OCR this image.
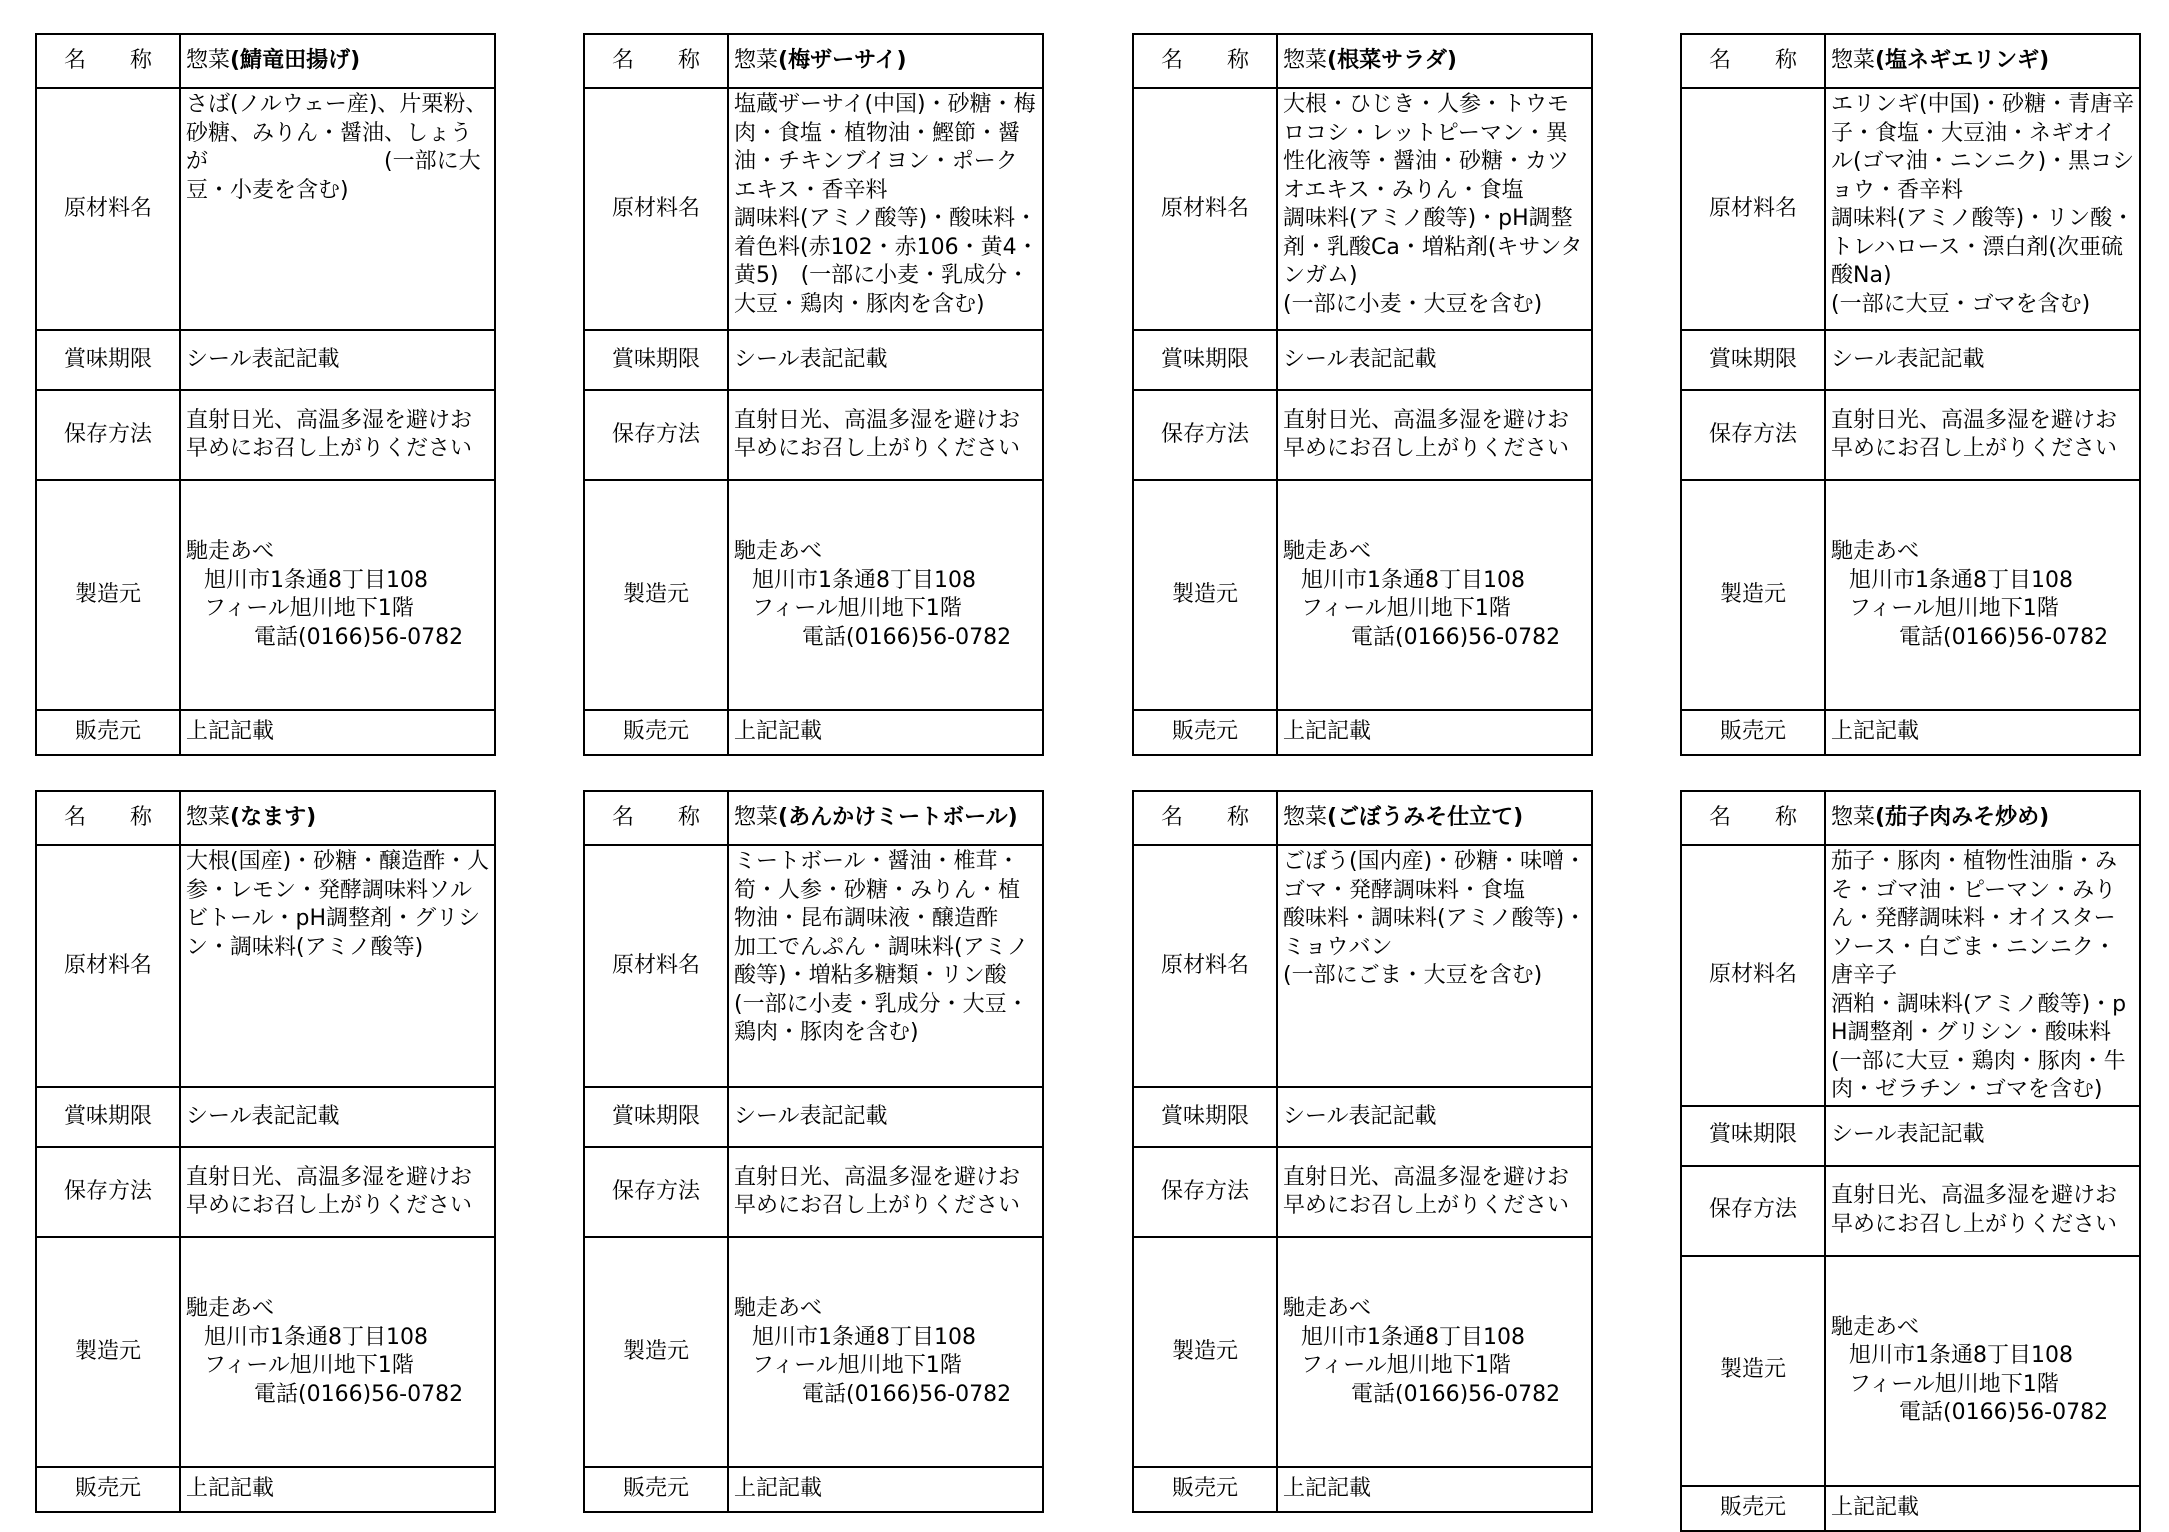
名　　称	惣菜(鯖竜田揚げ)
原材料名	さば(ノルウェー産)、片栗粉、砂糖、みりん・醤油、しょうが　　　　　　　　(一部に大豆・小麦を含む)
賞味期限	シール表記記載
保存方法	直射日光、高温多湿を避けお早めにお召し上がりください
製造元	馳走あべ
旭川市1条通8丁目108
フィール旭川地下1階
電話(0166)56-0782

販売元	上記記載
名　　称	惣菜(梅ザーサイ)
原材料名	塩蔵ザーサイ(中国)・砂糖・梅肉・食塩・植物油・鰹節・醤油・チキンブイヨン・ポークエキス・香辛料
調味料(アミノ酸等)・酸味料・着色料(赤102・赤106・黄4・黄5)　(一部に小麦・乳成分・大豆・鶏肉・豚肉を含む)
賞味期限	シール表記記載
保存方法	直射日光、高温多湿を避けお早めにお召し上がりください
製造元	馳走あべ
旭川市1条通8丁目108
フィール旭川地下1階
電話(0166)56-0782

販売元	上記記載
名　　称	惣菜(根菜サラダ)
原材料名	大根・ひじき・人参・トウモロコシ・レットピーマン・異性化液等・醤油・砂糖・カツオエキス・みりん・食塩
調味料(アミノ酸等)・pH調整剤・乳酸Ca・増粘剤(キサンタンガム)
(一部に小麦・大豆を含む)
賞味期限	シール表記記載
保存方法	直射日光、高温多湿を避けお早めにお召し上がりください
製造元	馳走あべ
旭川市1条通8丁目108
フィール旭川地下1階
電話(0166)56-0782

販売元	上記記載
名　　称	惣菜(塩ネギエリンギ)
原材料名	エリンギ(中国)・砂糖・青唐辛子・食塩・大豆油・ネギオイル(ゴマ油・ニンニク)・黒コショウ・香辛料
調味料(アミノ酸等)・リン酸・トレハロース・漂白剤(次亜硫酸Na)
(一部に大豆・ゴマを含む)
賞味期限	シール表記記載
保存方法	直射日光、高温多湿を避けお早めにお召し上がりください
製造元	馳走あべ
旭川市1条通8丁目108
フィール旭川地下1階
電話(0166)56-0782

販売元	上記記載
名　　称	惣菜(なます)
原材料名	大根(国産)・砂糖・醸造酢・人参・レモン・発酵調味料ソルビトール・pH調整剤・グリシン・調味料(アミノ酸等)
賞味期限	シール表記記載
保存方法	直射日光、高温多湿を避けお早めにお召し上がりください
製造元	馳走あべ
旭川市1条通8丁目108
フィール旭川地下1階
電話(0166)56-0782

販売元	上記記載
名　　称	惣菜(あんかけミートボール)
原材料名	ミートボール・醤油・椎茸・筍・人参・砂糖・みりん・植物油・昆布調味液・醸造酢
加工でんぷん・調味料(アミノ酸等)・増粘多糖類・リン酸
(一部に小麦・乳成分・大豆・鶏肉・豚肉を含む)
賞味期限	シール表記記載
保存方法	直射日光、高温多湿を避けお早めにお召し上がりください
製造元	馳走あべ
旭川市1条通8丁目108
フィール旭川地下1階
電話(0166)56-0782

販売元	上記記載
名　　称	惣菜(ごぼうみそ仕立て)
原材料名	ごぼう(国内産)・砂糖・味噌・ゴマ・発酵調味料・食塩
酸味料・調味料(アミノ酸等)・ミョウバン
(一部にごま・大豆を含む)
賞味期限	シール表記記載
保存方法	直射日光、高温多湿を避けお早めにお召し上がりください
製造元	馳走あべ
旭川市1条通8丁目108
フィール旭川地下1階
電話(0166)56-0782

販売元	上記記載
名　　称	惣菜(茄子肉みそ炒め)
原材料名	茄子・豚肉・植物性油脂・みそ・ゴマ油・ピーマン・みりん・発酵調味料・オイスターソース・白ごま・ニンニク・唐辛子
酒粕・調味料(アミノ酸等)・pH調整剤・グリシン・酸味料
(一部に大豆・鶏肉・豚肉・牛肉・ゼラチン・ゴマを含む)
賞味期限	シール表記記載
保存方法	直射日光、高温多湿を避けお早めにお召し上がりください
製造元	馳走あべ
旭川市1条通8丁目108
フィール旭川地下1階
電話(0166)56-0782

販売元	上記記載
